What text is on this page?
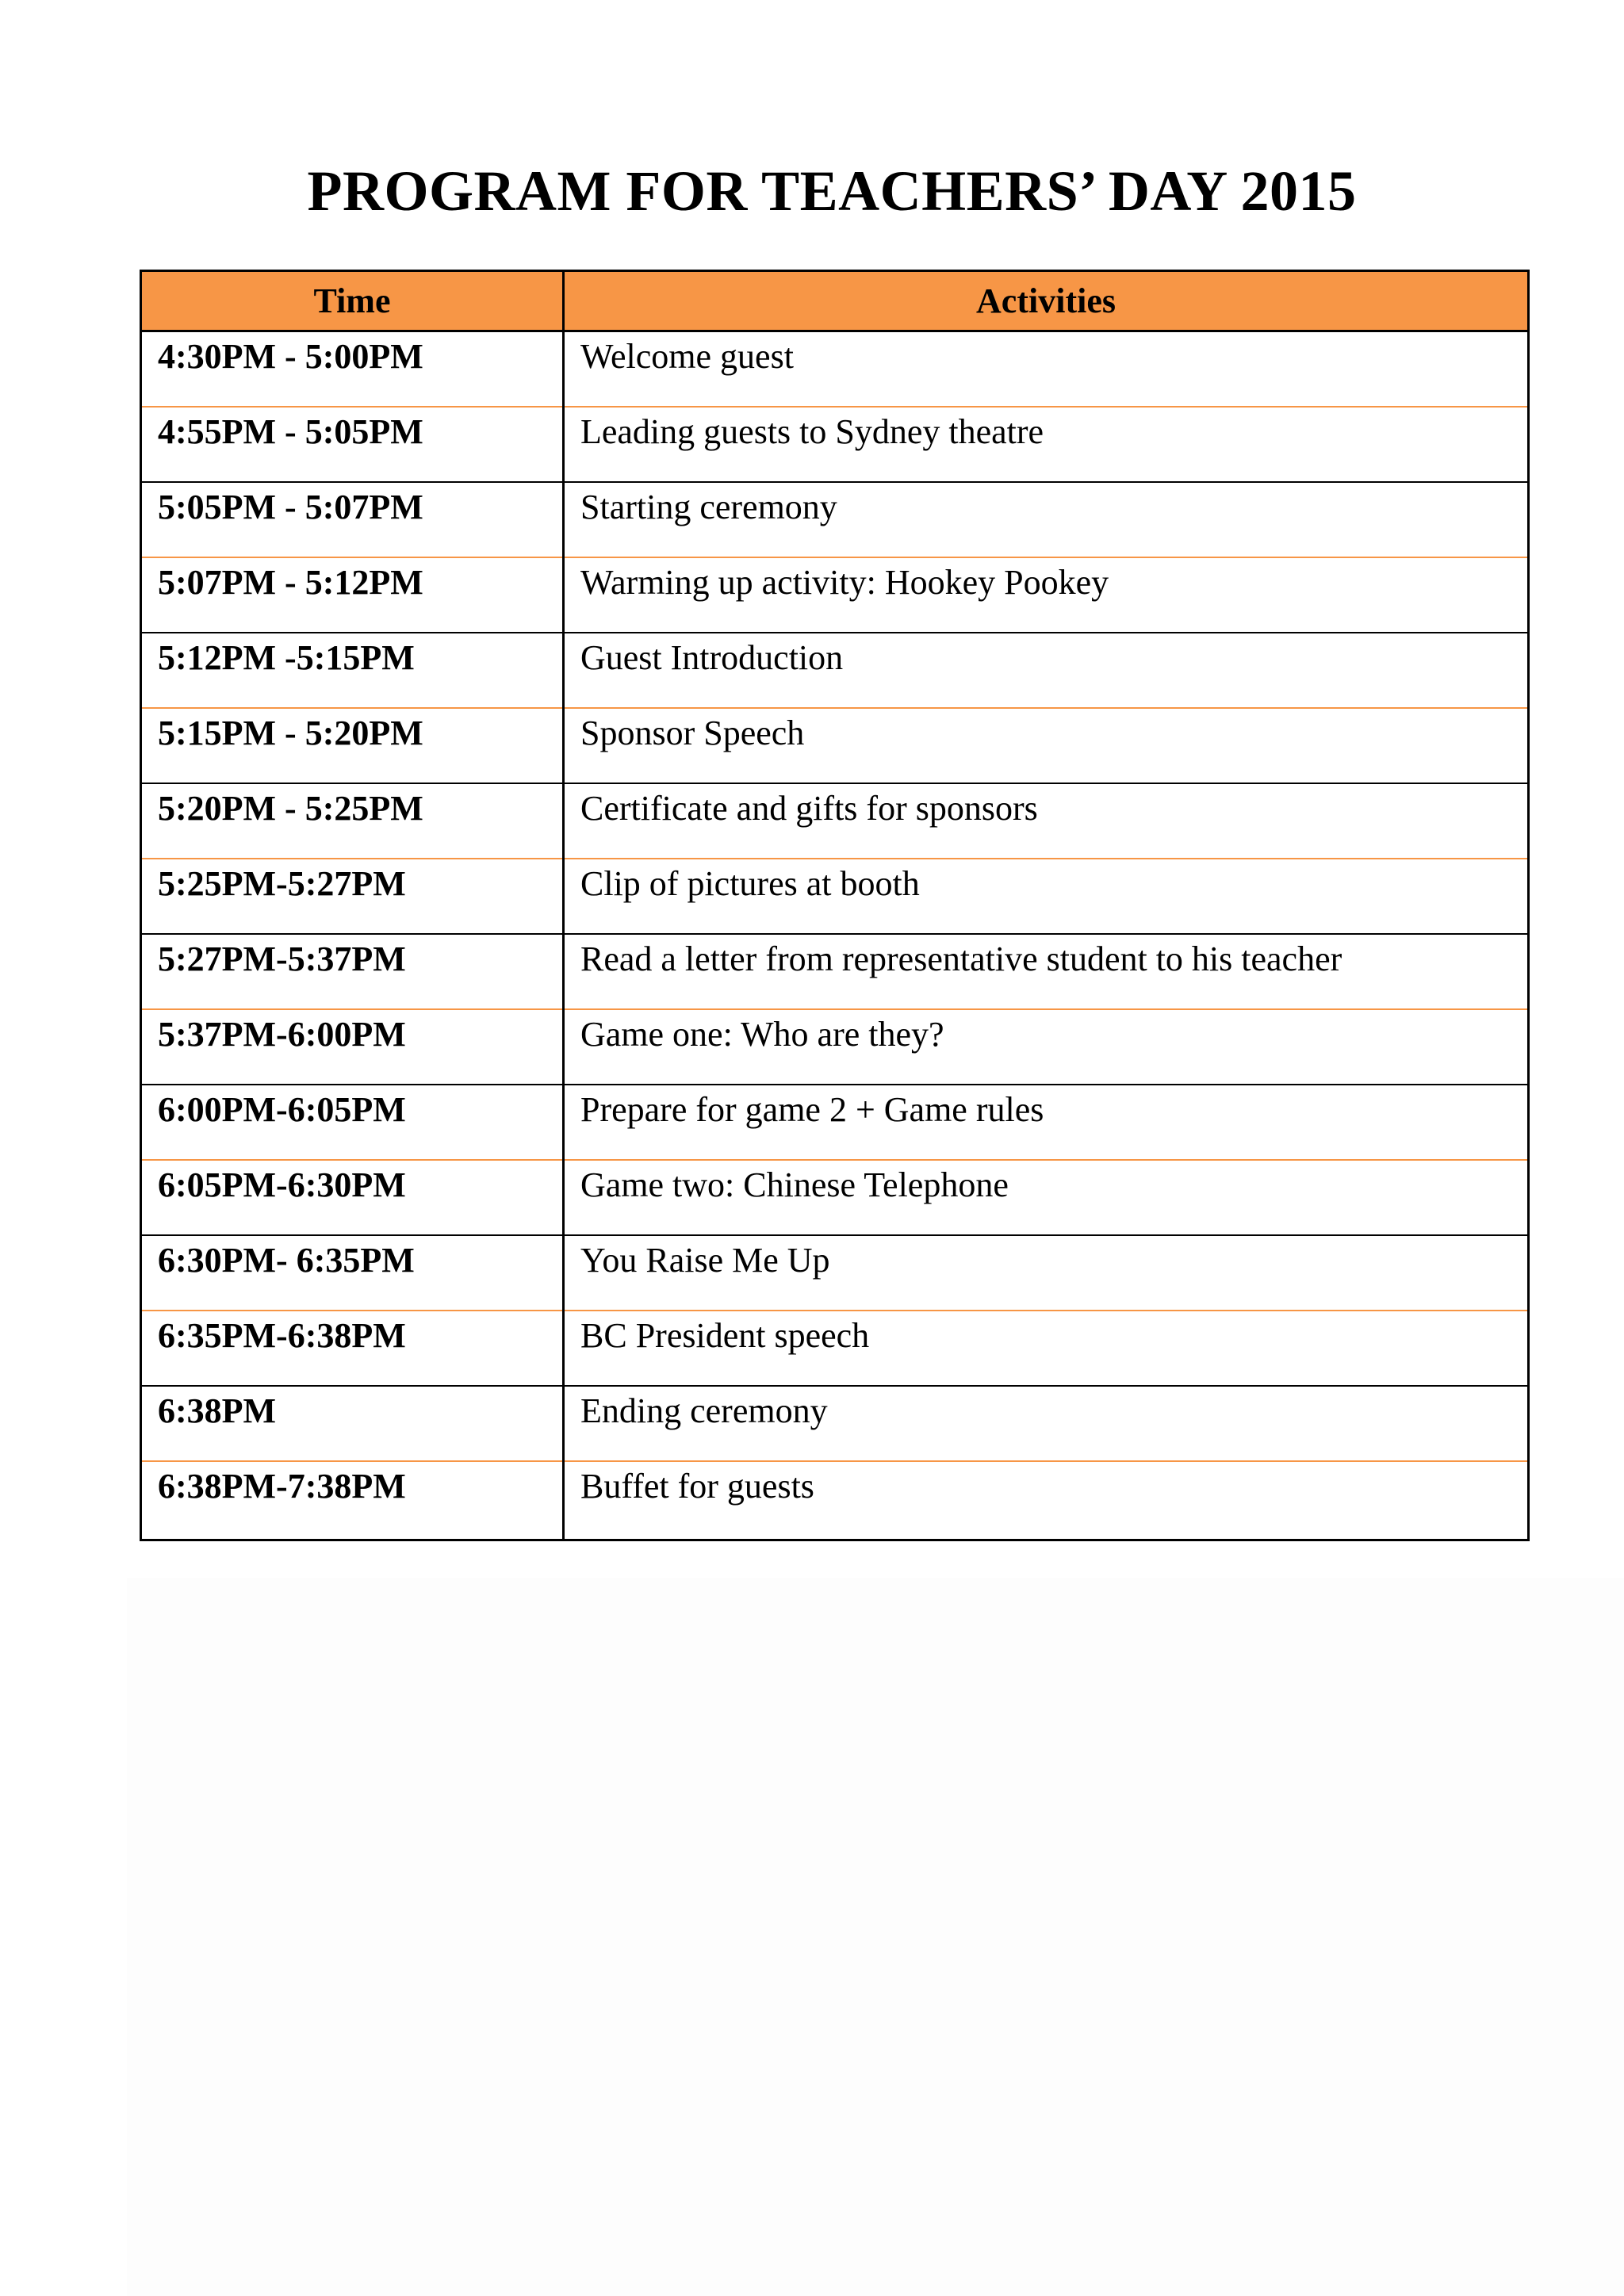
PROGRAM FOR TEACHERS’ DAY 2015
Time	Activities
4:30PM - 5:00PM	Welcome guest
4:55PM - 5:05PM	Leading guests to Sydney theatre
5:05PM - 5:07PM	Starting ceremony
5:07PM - 5:12PM	Warming up activity: Hookey Pookey
5:12PM -5:15PM	Guest Introduction
5:15PM - 5:20PM	Sponsor Speech
5:20PM - 5:25PM	Certificate and gifts for sponsors
5:25PM-5:27PM	Clip of pictures at booth
5:27PM-5:37PM	Read a letter from representative student to his teacher
5:37PM-6:00PM	Game one: Who are they?
6:00PM-6:05PM	Prepare for game 2 + Game rules
6:05PM-6:30PM	Game two: Chinese Telephone
6:30PM- 6:35PM	You Raise Me Up
6:35PM-6:38PM	BC President speech
6:38PM	Ending ceremony
6:38PM-7:38PM	Buffet for guests
